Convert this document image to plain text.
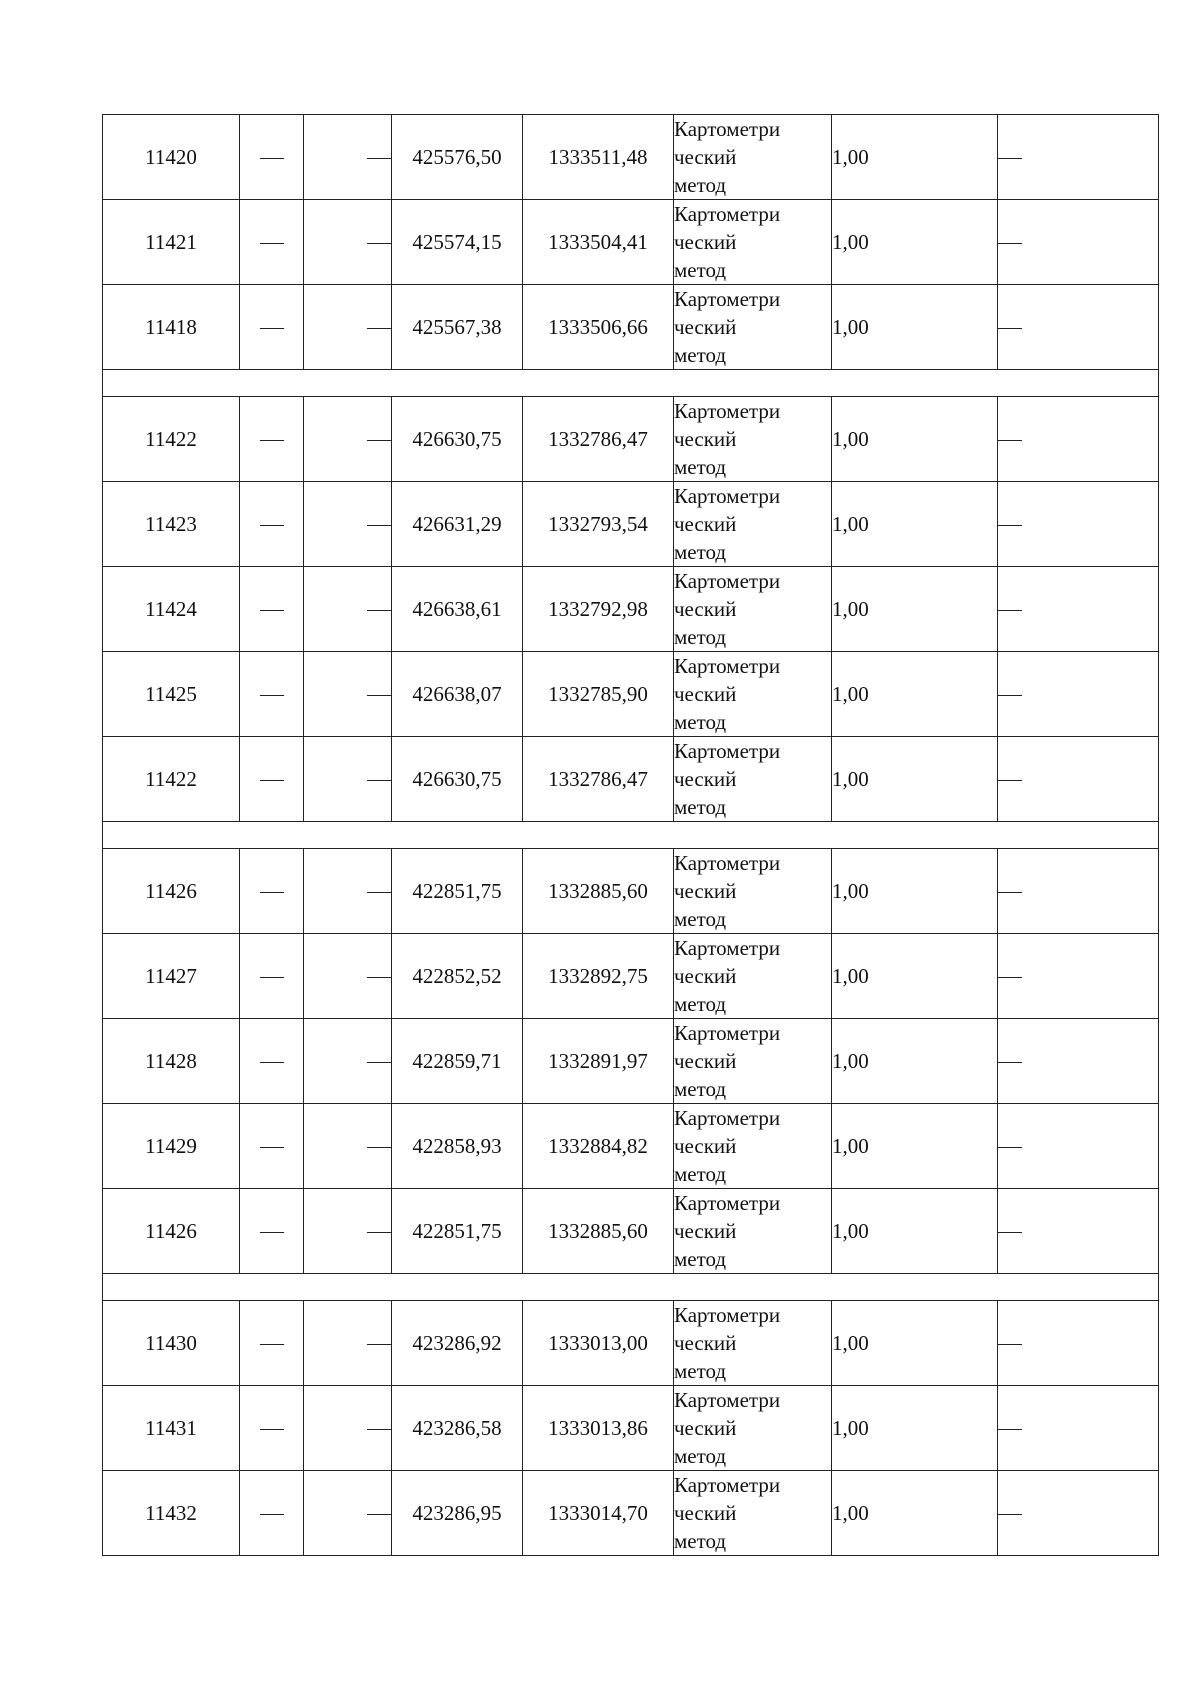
11420			425576,50	1333511,48	Картометри
ческий
метод	1,00	
11421			425574,15	1333504,41	Картометри
ческий
метод	1,00	
11418			425567,38	1333506,66	Картометри
ческий
метод	1,00	

11422			426630,75	1332786,47	Картометри
ческий
метод	1,00	
11423			426631,29	1332793,54	Картометри
ческий
метод	1,00	
11424			426638,61	1332792,98	Картометри
ческий
метод	1,00	
11425			426638,07	1332785,90	Картометри
ческий
метод	1,00	
11422			426630,75	1332786,47	Картометри
ческий
метод	1,00	

11426			422851,75	1332885,60	Картометри
ческий
метод	1,00	
11427			422852,52	1332892,75	Картометри
ческий
метод	1,00	
11428			422859,71	1332891,97	Картометри
ческий
метод	1,00	
11429			422858,93	1332884,82	Картометри
ческий
метод	1,00	
11426			422851,75	1332885,60	Картометри
ческий
метод	1,00	

11430			423286,92	1333013,00	Картометри
ческий
метод	1,00	
11431			423286,58	1333013,86	Картометри
ческий
метод	1,00	
11432			423286,95	1333014,70	Картометри
ческий
метод	1,00	
